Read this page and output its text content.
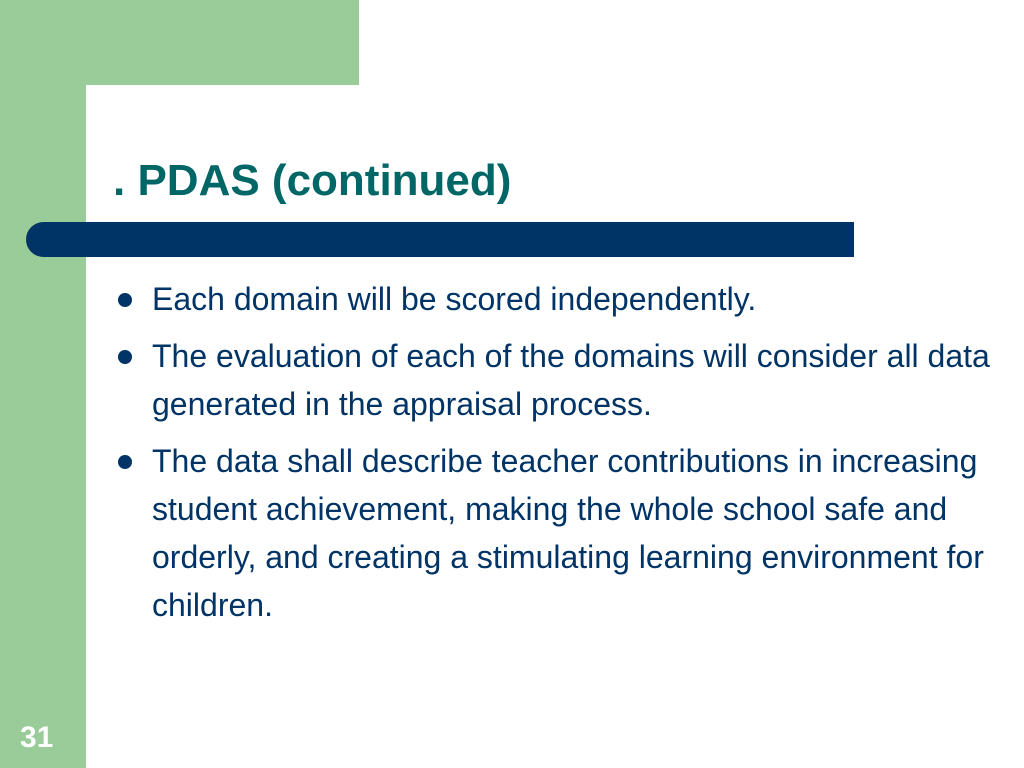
. PDAS (continued)
Each domain will be scored independently.
The evaluation of each of the domains will consider all data generated in the appraisal process.
The data shall describe teacher contributions in increasing student achievement, making the whole school safe and orderly, and creating a stimulating learning environment for children.
31
